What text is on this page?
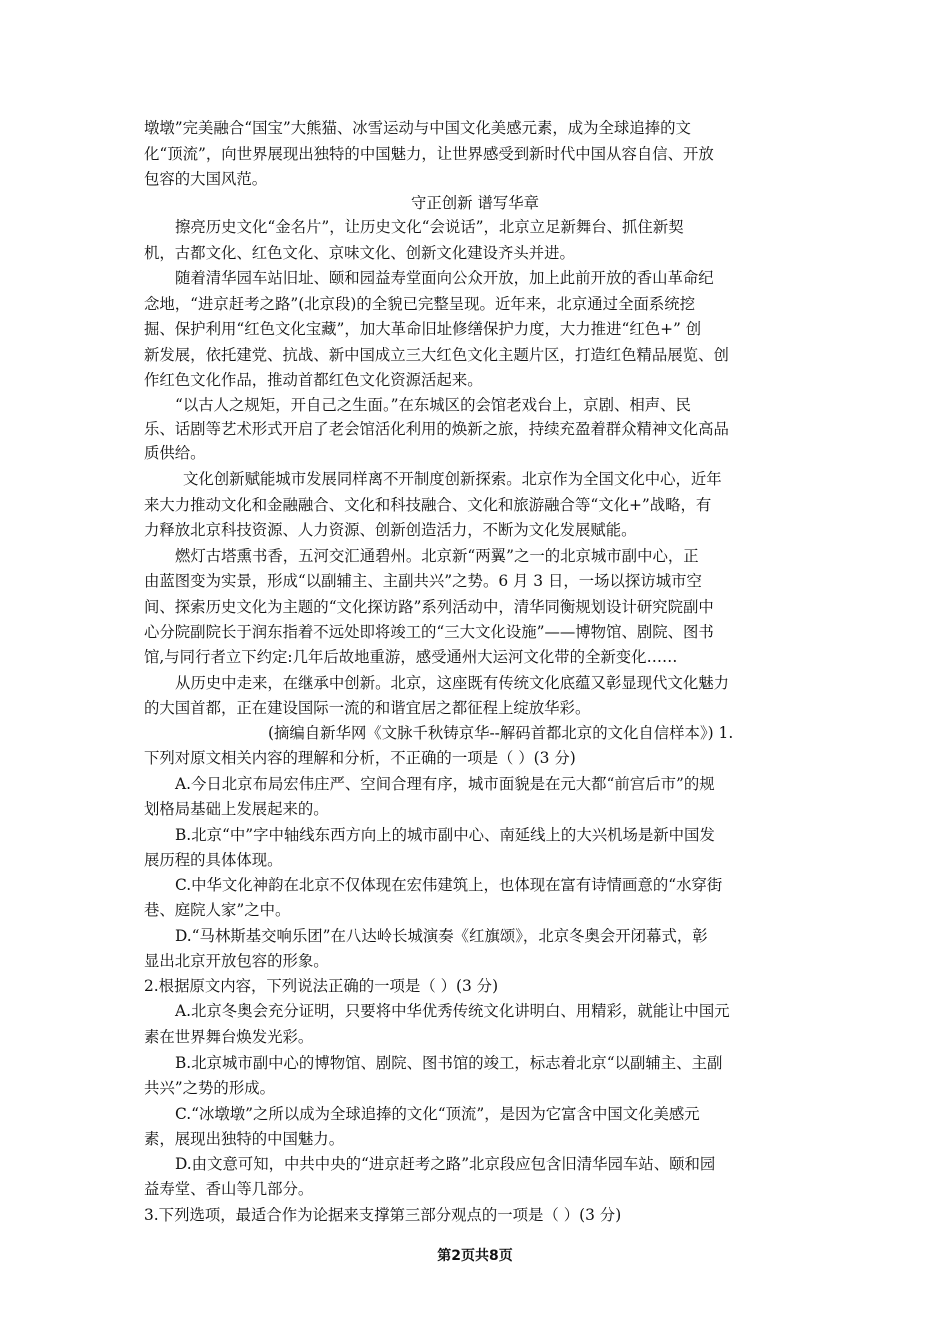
墩墩”完美融合“国宝”大熊猫、冰雪运动与中国文化美感元素，成为全球追捧的文
化“顶流”，向世界展现出独特的中国魅力，让世界感受到新时代中国从容自信、开放
包容的大国风范。
守正创新 谱写华章
擦亮历史文化“金名片”，让历史文化“会说话”，北京立足新舞台、抓住新契
机，古都文化、红色文化、京味文化、创新文化建设齐头并进。
随着清华园车站旧址、颐和园益寿堂面向公众开放，加上此前开放的香山革命纪
念地，“进京赶考之路”(北京段)的全貌已完整呈现。近年来，北京通过全面系统挖
掘、保护利用“红色文化宝藏”，加大革命旧址修缮保护力度，大力推进“红色+” 创
新发展，依托建党、抗战、新中国成立三大红色文化主题片区，打造红色精品展览、创
作红色文化作品，推动首都红色文化资源活起来。
“以古人之规矩，开自己之生面。”在东城区的会馆老戏台上，京剧、相声、民
乐、话剧等艺术形式开启了老会馆活化利用的焕新之旅，持续充盈着群众精神文化高品
质供给。
文化创新赋能城市发展同样离不开制度创新探索。北京作为全国文化中心，近年
来大力推动文化和金融融合、文化和科技融合、文化和旅游融合等“文化+”战略，有
力释放北京科技资源、人力资源、创新创造活力，不断为文化发展赋能。
燃灯古塔熏书香，五河交汇通碧州。北京新“两翼”之一的北京城市副中心，正
由蓝图变为实景，形成“以副辅主、主副共兴”之势。6 月 3 日，一场以探访城市空
间、探索历史文化为主题的“文化探访路”系列活动中，清华同衡规划设计研究院副中
心分院副院长于润东指着不远处即将竣工的“三大文化设施”——博物馆、剧院、图书
馆,与同行者立下约定:几年后故地重游，感受通州大运河文化带的全新变化……
从历史中走来，在继承中创新。北京，这座既有传统文化底蕴又彰显现代文化魅力
的大国首都，正在建设国际一流的和谐宜居之都征程上绽放华彩。
(摘编自新华网《文脉千秋铸京华--解码首都北京的文化自信样本》) 1.
下列对原文相关内容的理解和分析，不正确的一项是（ ）(3 分)
A.今日北京布局宏伟庄严、空间合理有序，城市面貌是在元大都“前宫后市”的规
划格局基础上发展起来的。
B.北京“中”字中轴线东西方向上的城市副中心、南延线上的大兴机场是新中国发
展历程的具体体现。
C.中华文化神韵在北京不仅体现在宏伟建筑上，也体现在富有诗情画意的“水穿街
巷、庭院人家”之中。
D.“马林斯基交响乐团”在八达岭长城演奏《红旗颂》，北京冬奥会开闭幕式，彰
显出北京开放包容的形象。
2.根据原文内容，下列说法正确的一项是（ ）(3 分)
A.北京冬奥会充分证明，只要将中华优秀传统文化讲明白、用精彩，就能让中国元
素在世界舞台焕发光彩。
B.北京城市副中心的博物馆、剧院、图书馆的竣工，标志着北京“以副辅主、主副
共兴”之势的形成。
C.“冰墩墩”之所以成为全球追捧的文化“顶流”，是因为它富含中国文化美感元
素，展现出独特的中国魅力。
D.由文意可知，中共中央的“进京赶考之路”北京段应包含旧清华园车站、颐和园
益寿堂、香山等几部分。
3.下列选项，最适合作为论据来支撑第三部分观点的一项是（ ）(3 分)
第2页共8页
